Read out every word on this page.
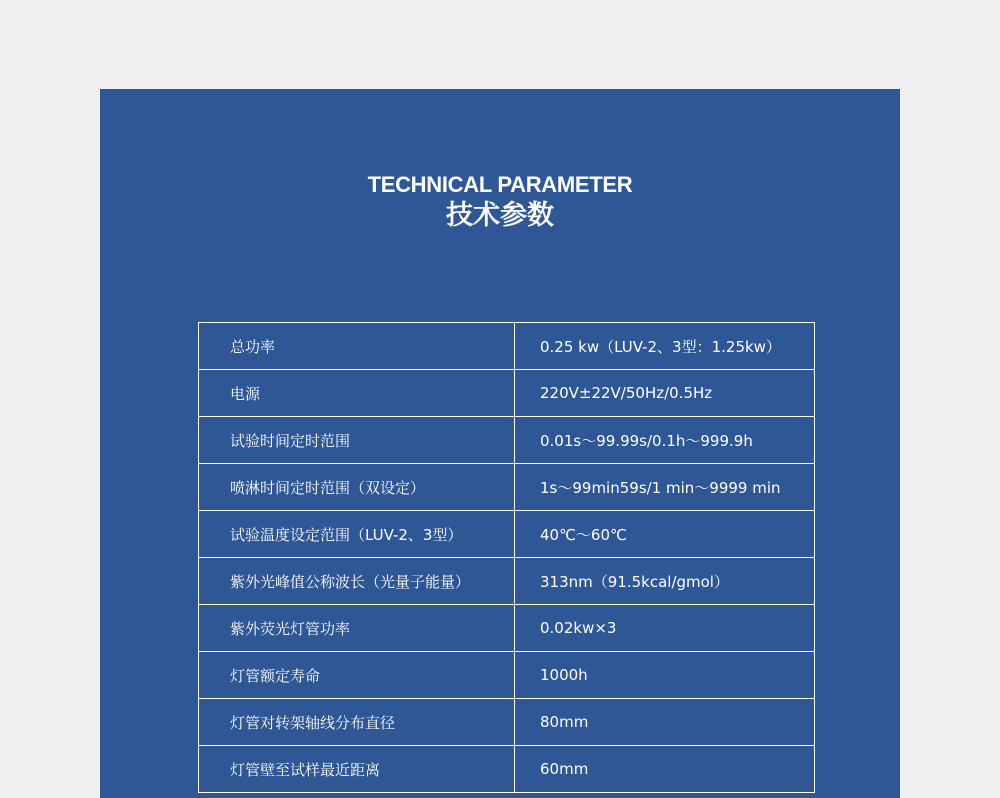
TECHNICAL PARAMETER
技术参数
总功率	0.25 kw（LUV-2、3型：1.25kw）
电源	220V±22V/50Hz/0.5Hz
试验时间定时范围	0.01s～99.99s/0.1h～999.9h
喷淋时间定时范围（双设定）	1s～99min59s/1 min～9999 min
试验温度设定范围（LUV-2、3型）	40℃～60℃
紫外光峰值公称波长（光量子能量）	313nm（91.5kcal/gmol）
紫外荧光灯管功率	0.02kw×3
灯管额定寿命	1000h
灯管对转架轴线分布直径	80mm
灯管壁至试样最近距离	60mm
